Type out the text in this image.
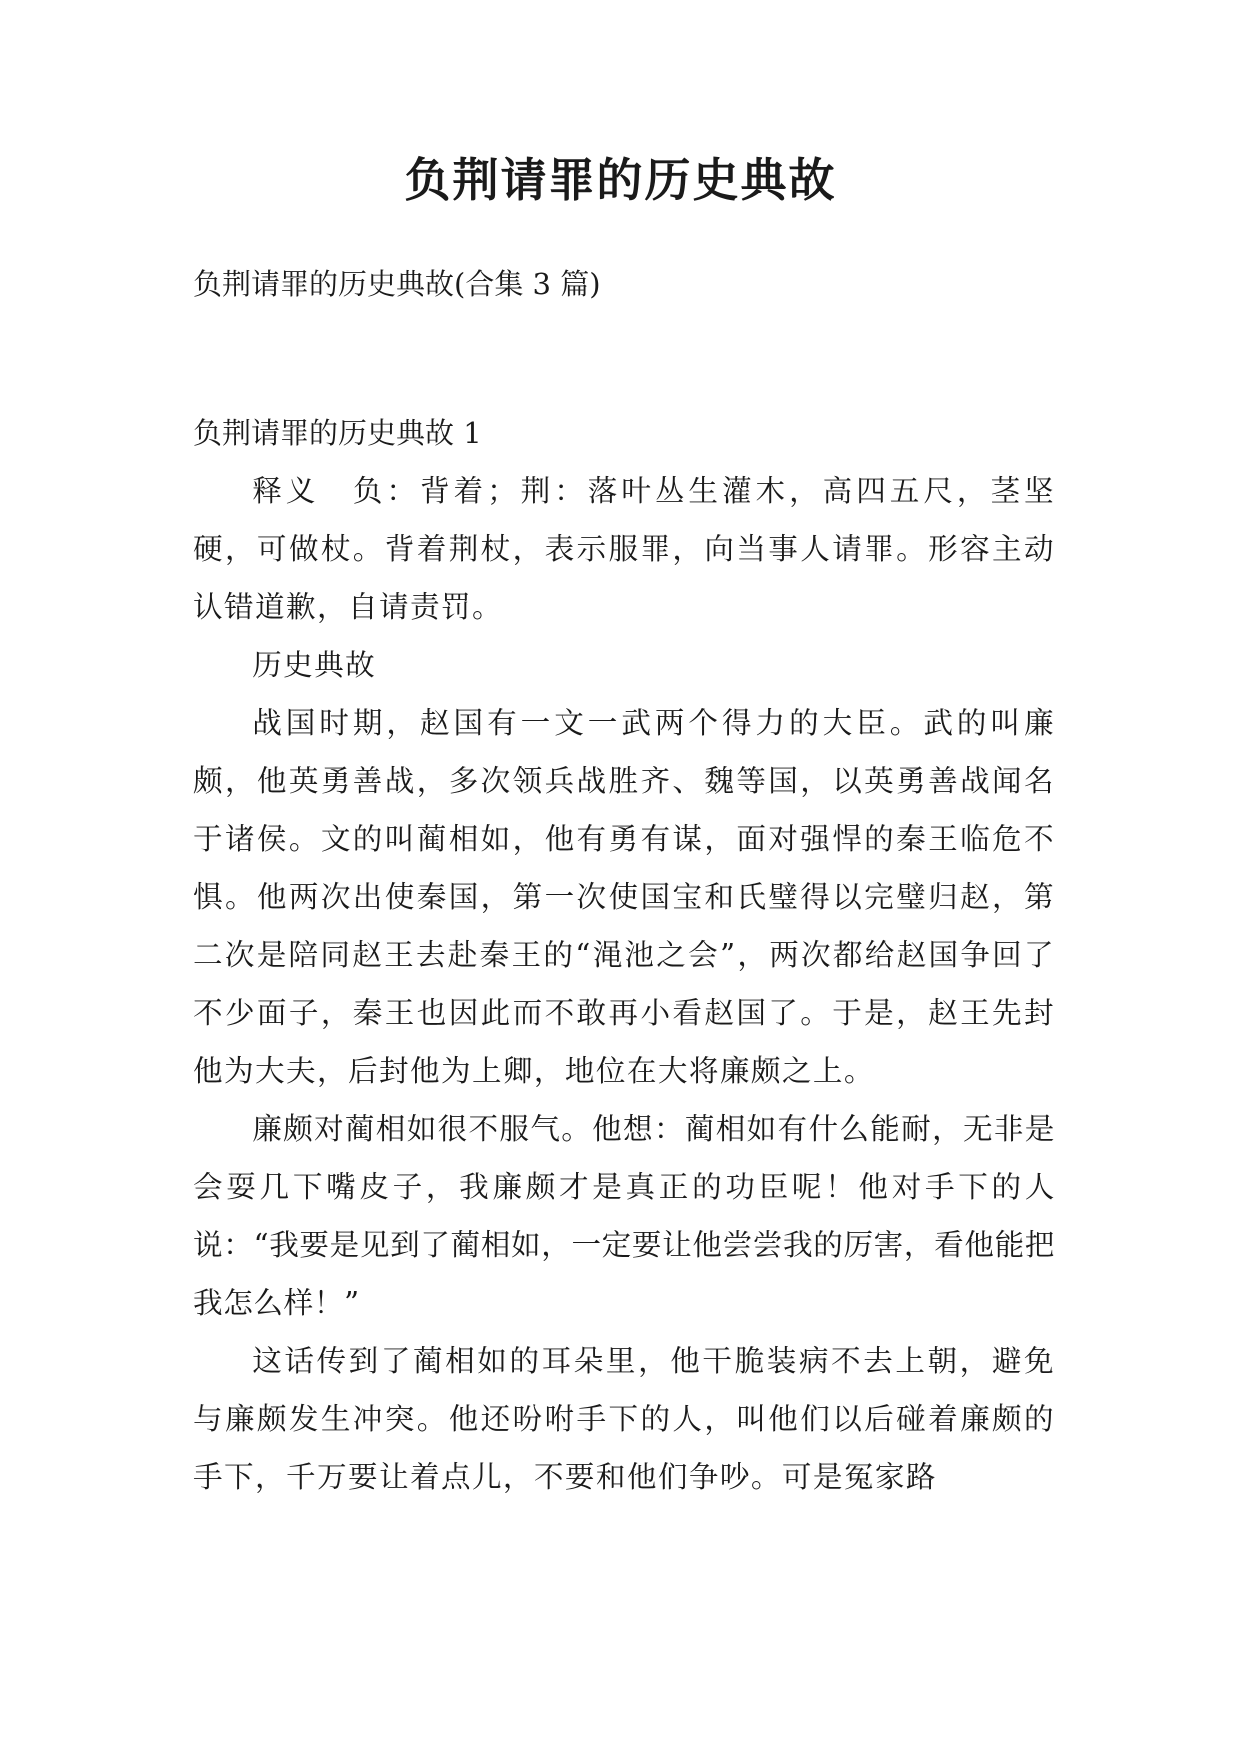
负荆请罪的历史典故

负荆请罪的历史典故(合集 3 篇)

负荆请罪的历史典故 1

释义　负：背着；荆：落叶丛生灌木，高四五尺，茎坚硬，可做杖。背着荆杖，表示服罪，向当事人请罪。形容主动认错道歉，自请责罚。

历史典故

战国时期，赵国有一文一武两个得力的大臣。武的叫廉颇，他英勇善战，多次领兵战胜齐、魏等国，以英勇善战闻名于诸侯。文的叫蔺相如，他有勇有谋，面对强悍的秦王临危不惧。他两次出使秦国，第一次使国宝和氏璧得以完璧归赵，第二次是陪同赵王去赴秦王的“渑池之会”，两次都给赵国争回了不少面子，秦王也因此而不敢再小看赵国了。于是，赵王先封他为大夫，后封他为上卿，地位在大将廉颇之上。

廉颇对蔺相如很不服气。他想：蔺相如有什么能耐，无非是会耍几下嘴皮子，我廉颇才是真正的功臣呢！他对手下的人说：“我要是见到了蔺相如，一定要让他尝尝我的厉害，看他能把我怎么样！”

这话传到了蔺相如的耳朵里，他干脆装病不去上朝，避免与廉颇发生冲突。他还吩咐手下的人，叫他们以后碰着廉颇的手下，千万要让着点儿，不要和他们争吵。可是冤家路
